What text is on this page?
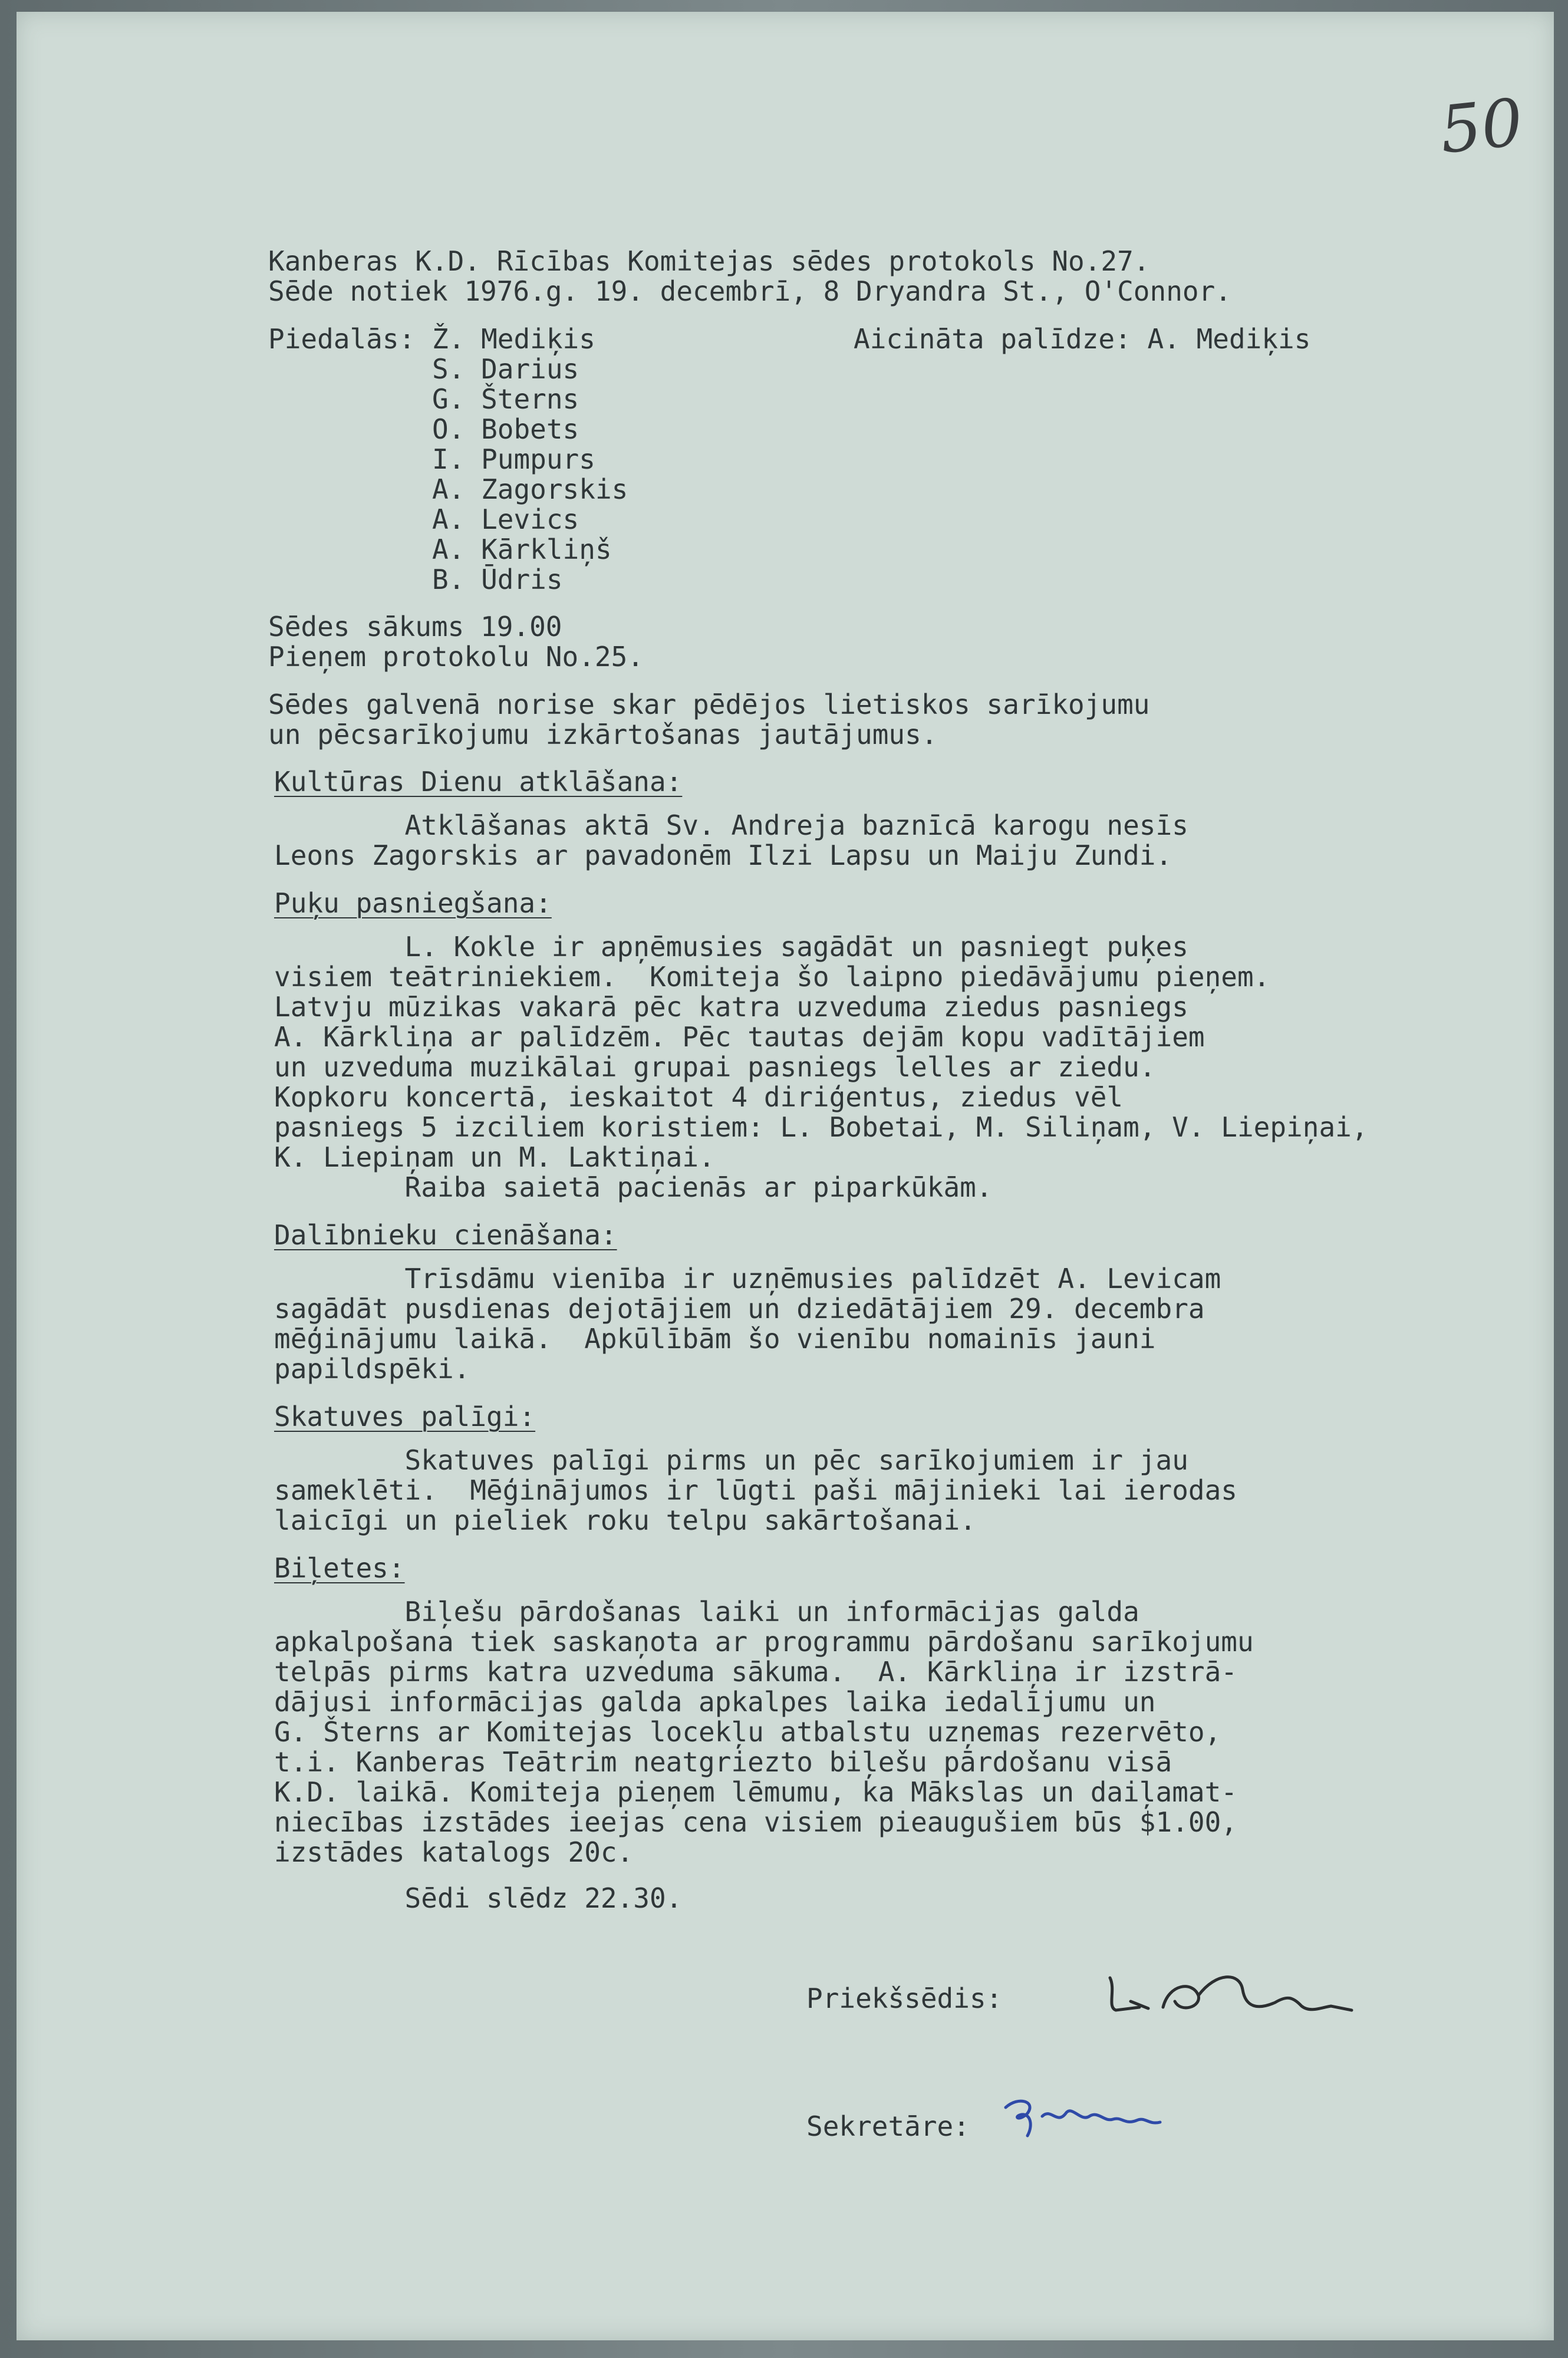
50

Kanberas K.D. Rīcības Komitejas sēdes protokols No.27.

Sēde notiek 1976.g. 19. decembrī, 8 Dryandra St., O'Connor.

Piedalās:	Aicināta palīdze: A. Mediķis

Ž. Mediķis

S. Darius

G. Šterns

O. Bobets

I. Pumpurs

A. Zagorskis

A. Levics

A. Kārkliņš

B. Ūdris

Sēdes sākums 19.00

Pieņem protokolu No.25.

Sēdes galvenā norise skar pēdējos lietiskos sarīkojumu

un pēcsarīkojumu izkārtošanas jautājumus.

Kultūras Dienu atklāšana:

Atklāšanas aktā Sv. Andreja baznīcā karogu nesīs

Leons Zagorskis ar pavadonēm Ilzi Lapsu un Maiju Zundi.

Puķu pasniegšana:

L. Kokle ir apņēmusies sagādāt un pasniegt puķes

visiem teātriniekiem.  Komiteja šo laipno piedāvājumu pieņem.

Latvju mūzikas vakarā pēc katra uzveduma ziedus pasniegs

A. Kārkliņa ar palīdzēm. Pēc tautas dejām kopu vadītājiem

un uzveduma muzikālai grupai pasniegs lelles ar ziedu.

Kopkoru koncertā, ieskaitot 4 diriģentus, ziedus vēl

pasniegs 5 izciliem koristiem: L. Bobetai, M. Siliņam, V. Liepiņai,

K. Liepiņam un M. Laktiņai.

Raiba saietā pacienās ar piparkūkām.

Dalībnieku cienāšana:

Trīsdāmu vienība ir uzņēmusies palīdzēt A. Levicam

sagādāt pusdienas dejotājiem un dziedātājiem 29. decembra

mēģinājumu laikā.  Apkūlībām šo vienību nomainīs jauni

papildspēki.

Skatuves palīgi:

Skatuves palīgi pirms un pēc sarīkojumiem ir jau

sameklēti.  Mēģinājumos ir lūgti paši mājinieki lai ierodas

laicīgi un pieliek roku telpu sakārtošanai.

Biļetes:

Biļešu pārdošanas laiki un informācijas galda

apkalpošana tiek saskaņota ar programmu pārdošanu sarīkojumu

telpās pirms katra uzveduma sākuma.  A. Kārkliņa ir izstrā-

dājusi informācijas galda apkalpes laika iedalījumu un

G. Šterns ar Komitejas locekļu atbalstu uzņemas rezervēto,

t.i. Kanberas Teātrim neatgriezto biļešu pārdošanu visā

K.D. laikā. Komiteja pieņem lēmumu, ka Mākslas un daiļamat-

niecības izstādes ieejas cena visiem pieaugušiem būs $1.00,

izstādes katalogs 20c.

Sēdi slēdz 22.30.

Priekšsēdis:

Sekretāre:
